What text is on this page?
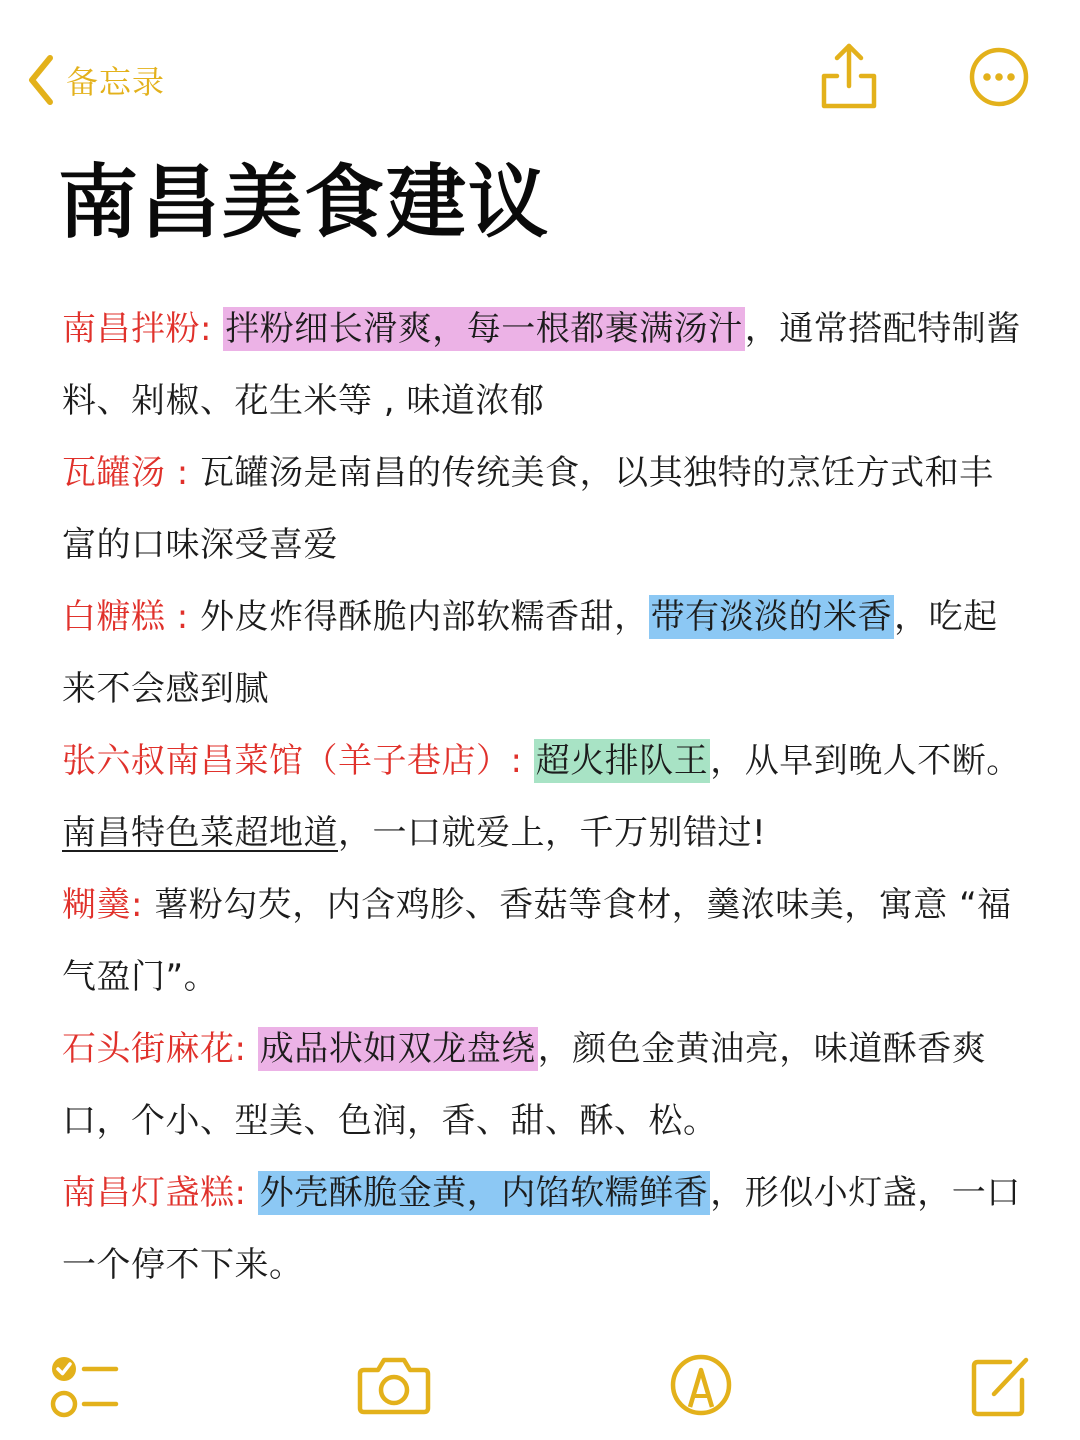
备忘录
南昌美食建议

南昌拌粉: 拌粉细长滑爽，每一根都裹满汤汁，通常搭配特制酱料、剁椒、花生米等 , 味道浓郁

瓦罐汤 : 瓦罐汤是南昌的传统美食，以其独特的烹饪方式和丰富的口味深受喜爱

白糖糕 : 外皮炸得酥脆内部软糯香甜，带有淡淡的米香，吃起来不会感到腻

张六叔南昌菜馆（羊子巷店）: 超火排队王，从早到晚人不断。南昌特色菜超地道，一口就爱上，千万别错过!

糊羹: 薯粉勾芡，内含鸡胗、香菇等食材，羹浓味美，寓意 “福气盈门”。

石头街麻花: 成品状如双龙盘绕，颜色金黄油亮，味道酥香爽口，个小、型美、色润，香、甜、酥、松。

南昌灯盏糕: 外壳酥脆金黄，内馅软糯鲜香，形似小灯盏，一口一个停不下来。
